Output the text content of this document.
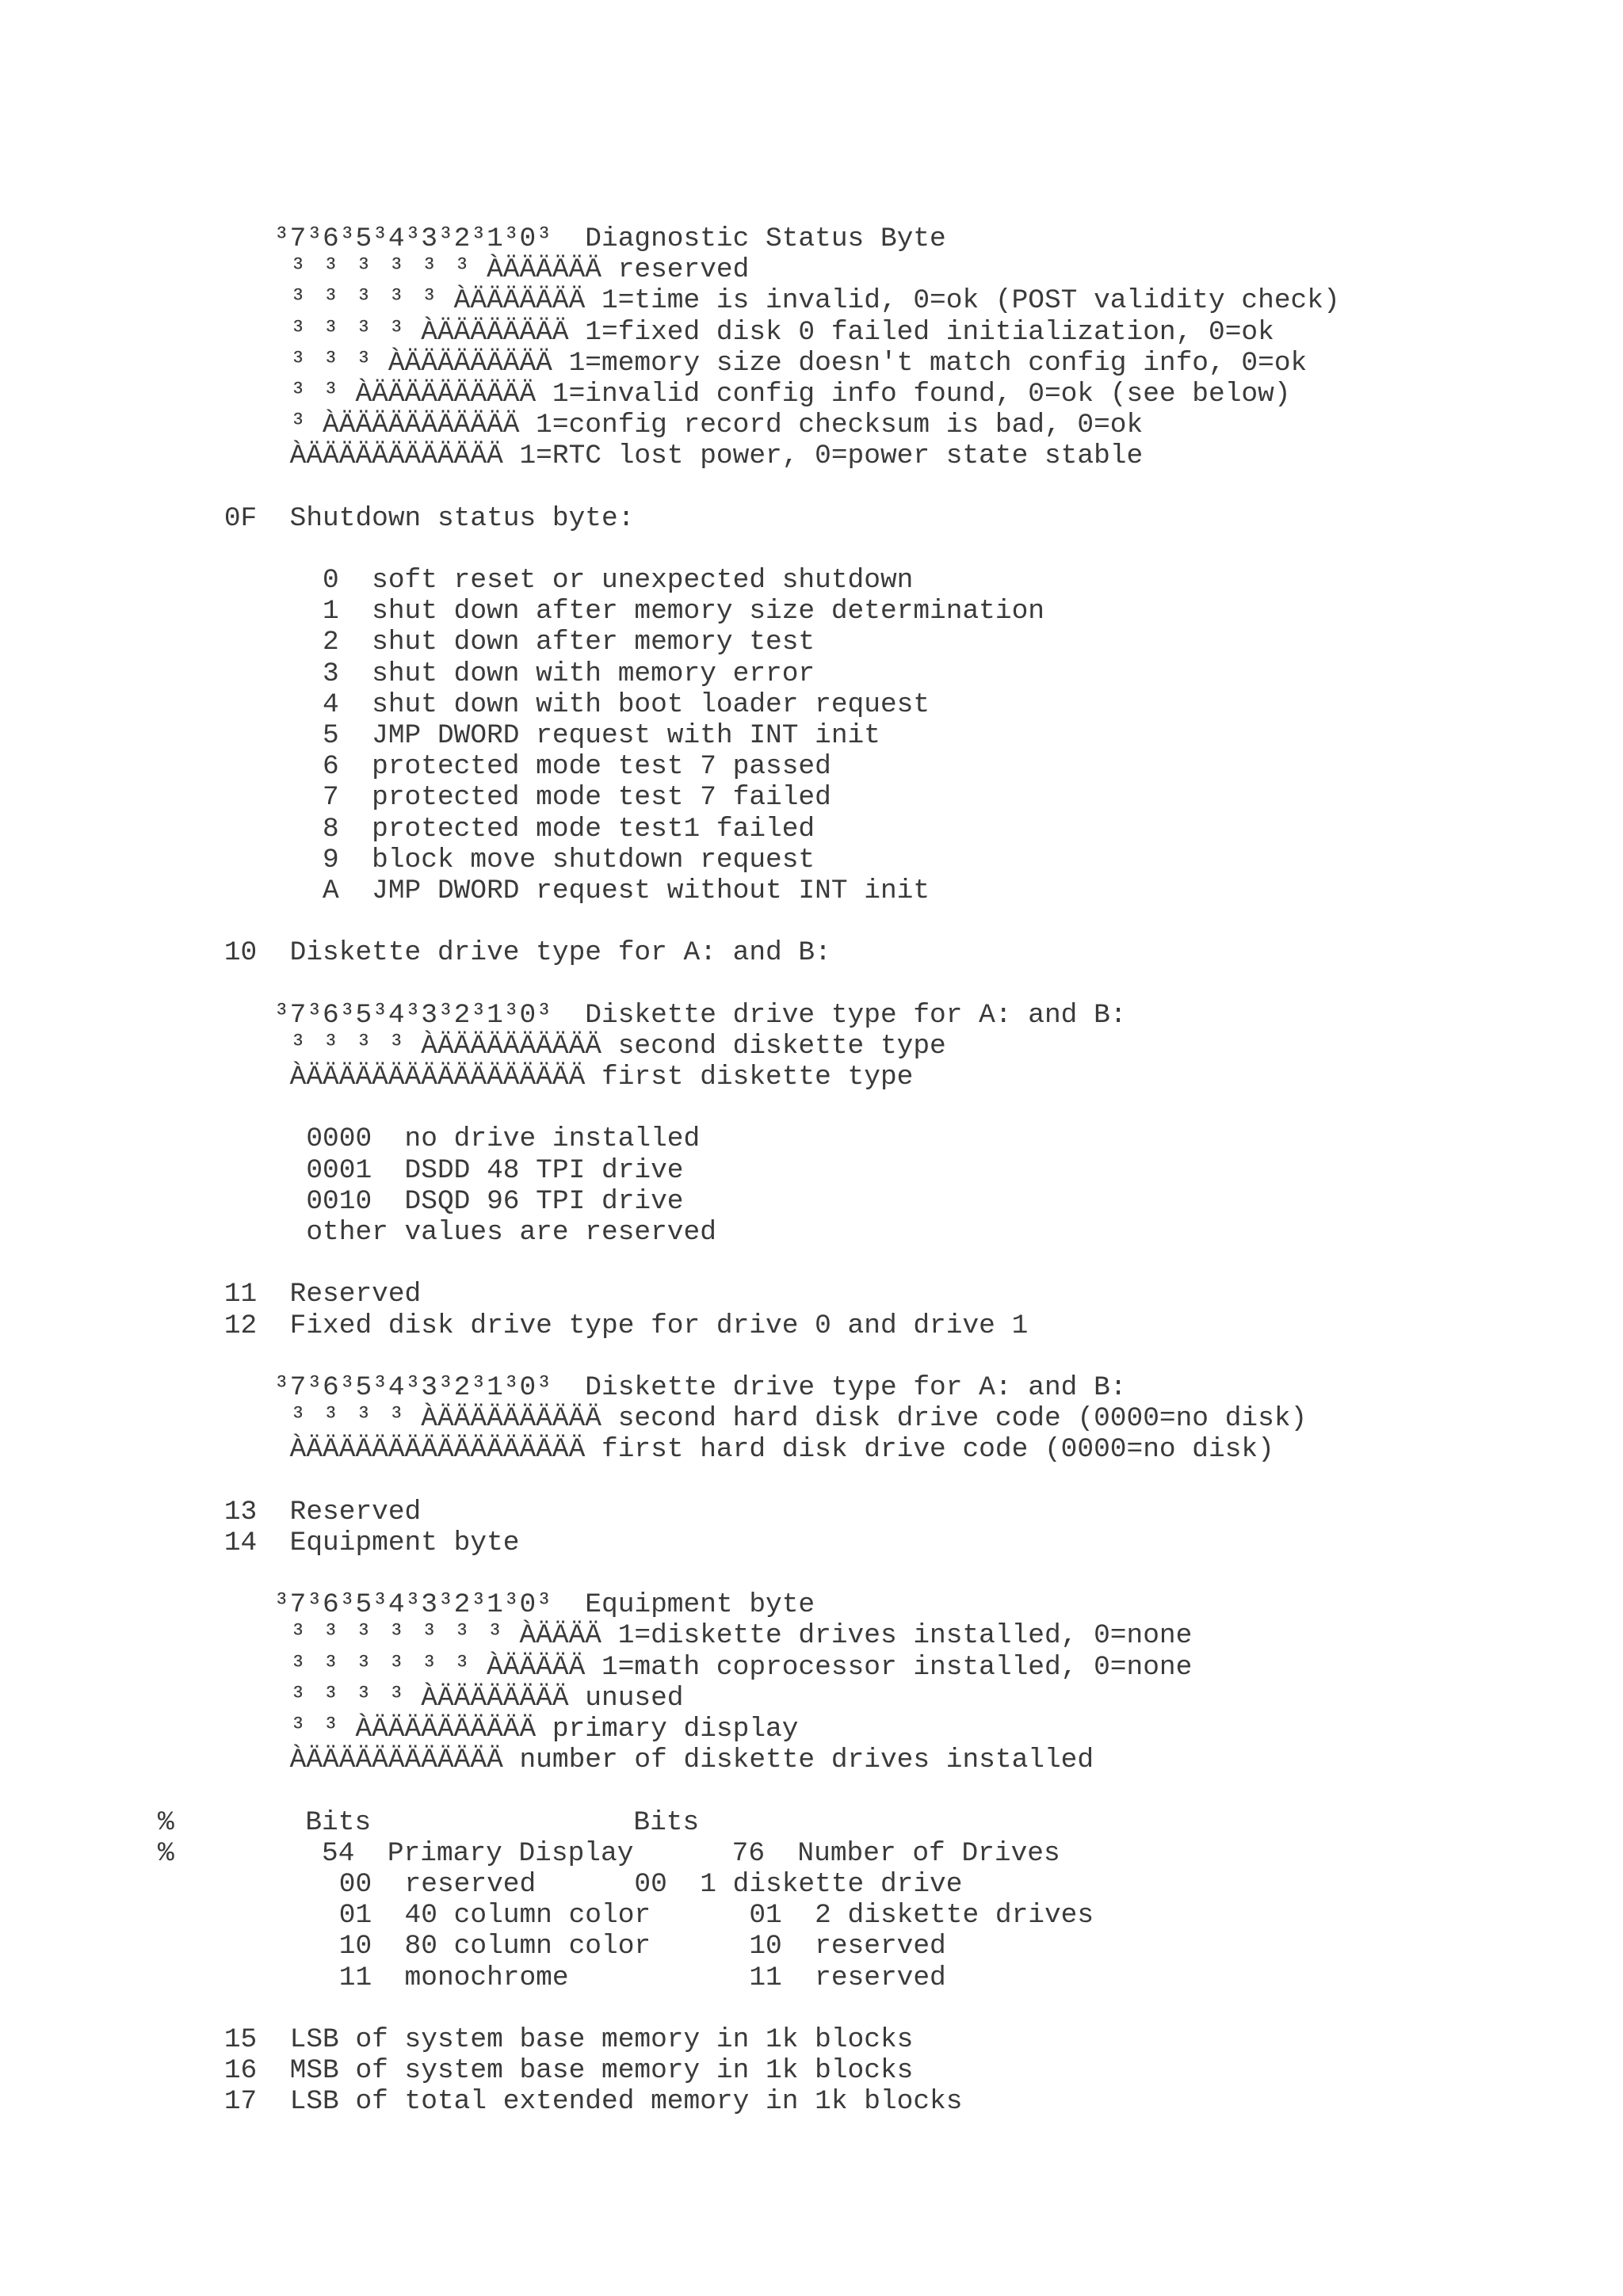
³7³6³5³4³3³2³1³0³  Diagnostic Status Byte
³ ³ ³ ³ ³ ³ ÀÄÄÄÄÄÄ reserved
³ ³ ³ ³ ³ ÀÄÄÄÄÄÄÄ 1=time is invalid, 0=ok (POST validity check)
³ ³ ³ ³ ÀÄÄÄÄÄÄÄÄ 1=fixed disk 0 failed initialization, 0=ok
³ ³ ³ ÀÄÄÄÄÄÄÄÄÄ 1=memory size doesn't match config info, 0=ok
³ ³ ÀÄÄÄÄÄÄÄÄÄÄ 1=invalid config info found, 0=ok (see below)
³ ÀÄÄÄÄÄÄÄÄÄÄÄ 1=config record checksum is bad, 0=ok
ÀÄÄÄÄÄÄÄÄÄÄÄÄ 1=RTC lost power, 0=power state stable
0F  Shutdown status byte:
0  soft reset or unexpected shutdown
1  shut down after memory size determination
2  shut down after memory test
3  shut down with memory error
4  shut down with boot loader request
5  JMP DWORD request with INT init
6  protected mode test 7 passed
7  protected mode test 7 failed
8  protected mode test1 failed
9  block move shutdown request
A  JMP DWORD request without INT init
10  Diskette drive type for A: and B:
³7³6³5³4³3³2³1³0³  Diskette drive type for A: and B:
³ ³ ³ ³ ÀÄÄÄÄÄÄÄÄÄÄ second diskette type
ÀÄÄÄÄÄÄÄÄÄÄÄÄÄÄÄÄÄ first diskette type
0000  no drive installed
0001  DSDD 48 TPI drive
0010  DSQD 96 TPI drive
other values are reserved
11  Reserved
12  Fixed disk drive type for drive 0 and drive 1
³7³6³5³4³3³2³1³0³  Diskette drive type for A: and B:
³ ³ ³ ³ ÀÄÄÄÄÄÄÄÄÄÄ second hard disk drive code (0000=no disk)
ÀÄÄÄÄÄÄÄÄÄÄÄÄÄÄÄÄÄ first hard disk drive code (0000=no disk)
13  Reserved
14  Equipment byte
³7³6³5³4³3³2³1³0³  Equipment byte
³ ³ ³ ³ ³ ³ ³ ÀÄÄÄÄ 1=diskette drives installed, 0=none
³ ³ ³ ³ ³ ³ ÀÄÄÄÄÄ 1=math coprocessor installed, 0=none
³ ³ ³ ³ ÀÄÄÄÄÄÄÄÄ unused
³ ³ ÀÄÄÄÄÄÄÄÄÄÄ primary display
ÀÄÄÄÄÄÄÄÄÄÄÄÄ number of diskette drives installed
%        Bits                Bits
%         54  Primary Display      76  Number of Drives
00  reserved      00  1 diskette drive
01  40 column color      01  2 diskette drives
10  80 column color      10  reserved
11  monochrome           11  reserved
15  LSB of system base memory in 1k blocks
16  MSB of system base memory in 1k blocks
17  LSB of total extended memory in 1k blocks
